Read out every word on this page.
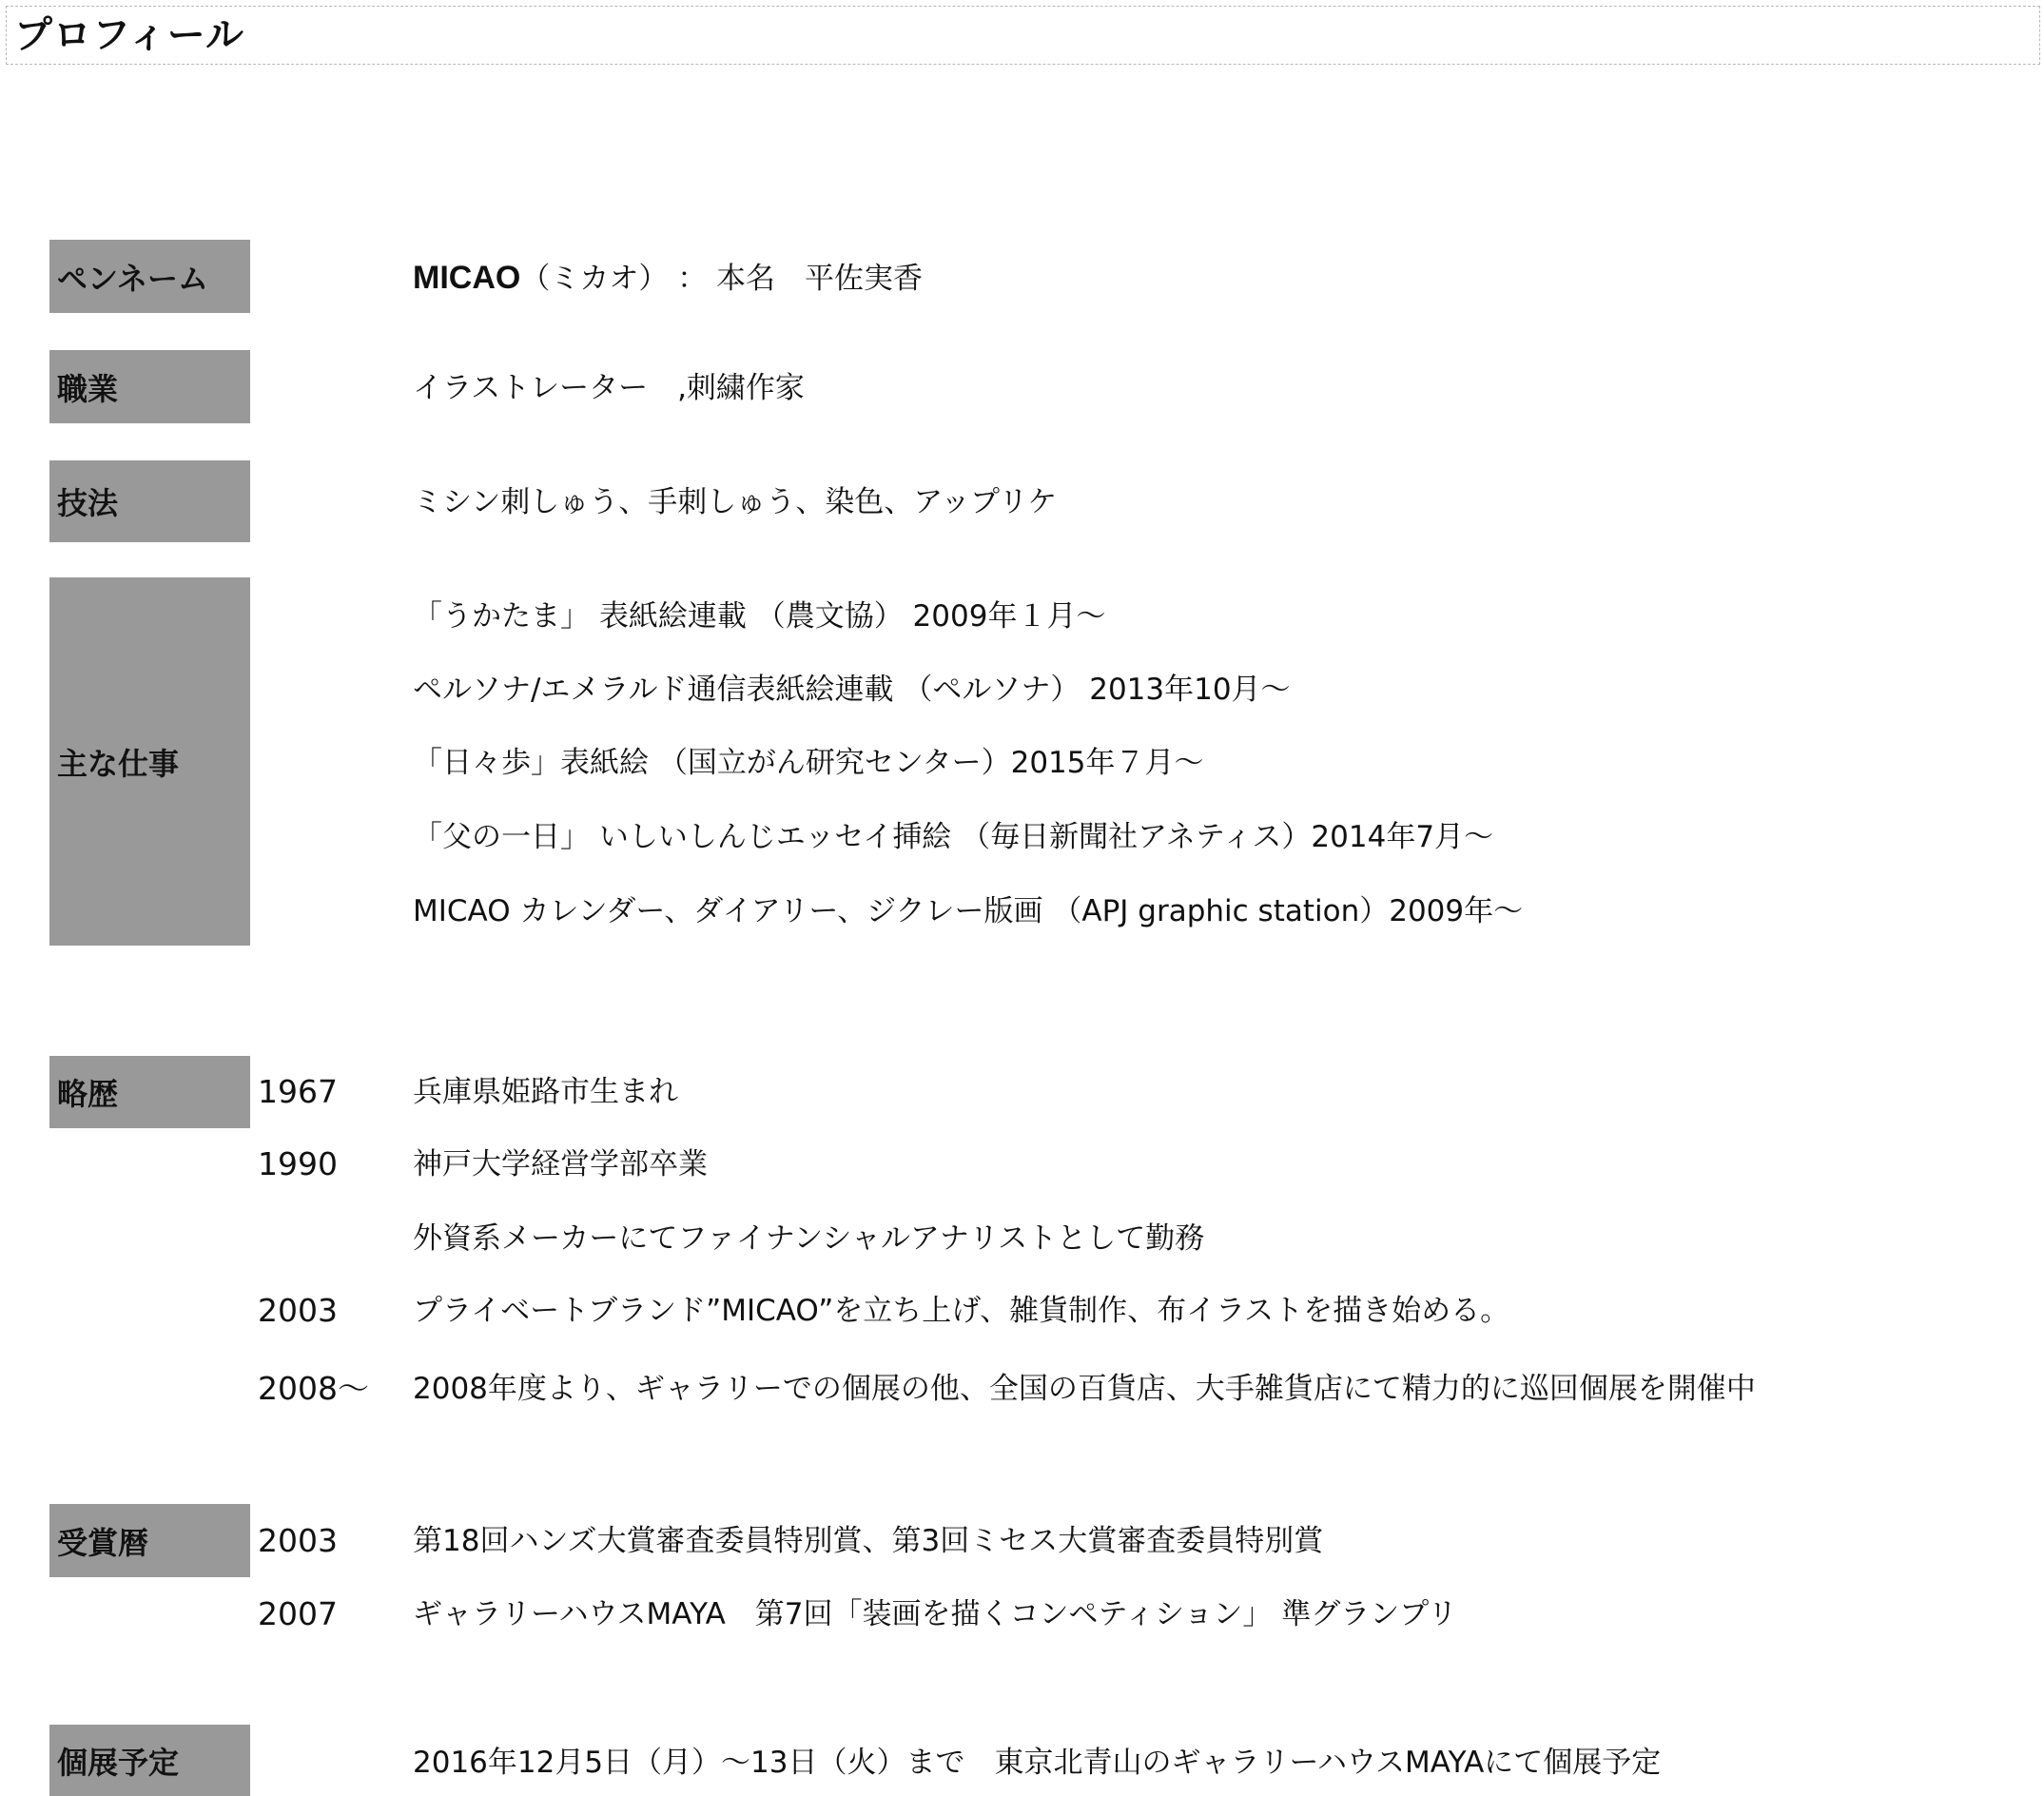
プロフィール
ペンネーム	MICAO（ミカオ） ： 本名　平佐実香
職業	イラストレーター　,刺繍作家
技法	ミシン刺しゅう、手刺しゅう、染色、アップリケ
主な仕事
「うかたま」 表紙絵連載 （農文協） 2009年１月～
ペルソナ/エメラルド通信表紙絵連載 （ペルソナ） 2013年10月～
「日々歩」表紙絵 （国立がん研究センター）2015年７月～
「父の一日」 いしいしんじエッセイ挿絵 （毎日新聞社アネティス）2014年7月～
MICAO カレンダー、ダイアリー、ジクレー版画 （APJ graphic station）2009年～
略歴	1967	兵庫県姫路市生まれ
1990	神戸大学経営学部卒業
外資系メーカーにてファイナンシャルアナリストとして勤務
2003	プライベートブランド”MICAO”を立ち上げ、雑貨制作、布イラストを描き始める。
2008～ 2008年度より、ギャラリーでの個展の他、全国の百貨店、大手雑貨店にて精力的に巡回個展を開催中
受賞暦	2003	第18回ハンズ大賞審査委員特別賞、第3回ミセス大賞審査委員特別賞
2007	ギャラリーハウスMAYA　第7回「装画を描くコンペティション」 準グランプリ
個展予定	2016年12月5日（月）～13日（火）まで　東京北青山のギャラリーハウスMAYAにて個展予定
